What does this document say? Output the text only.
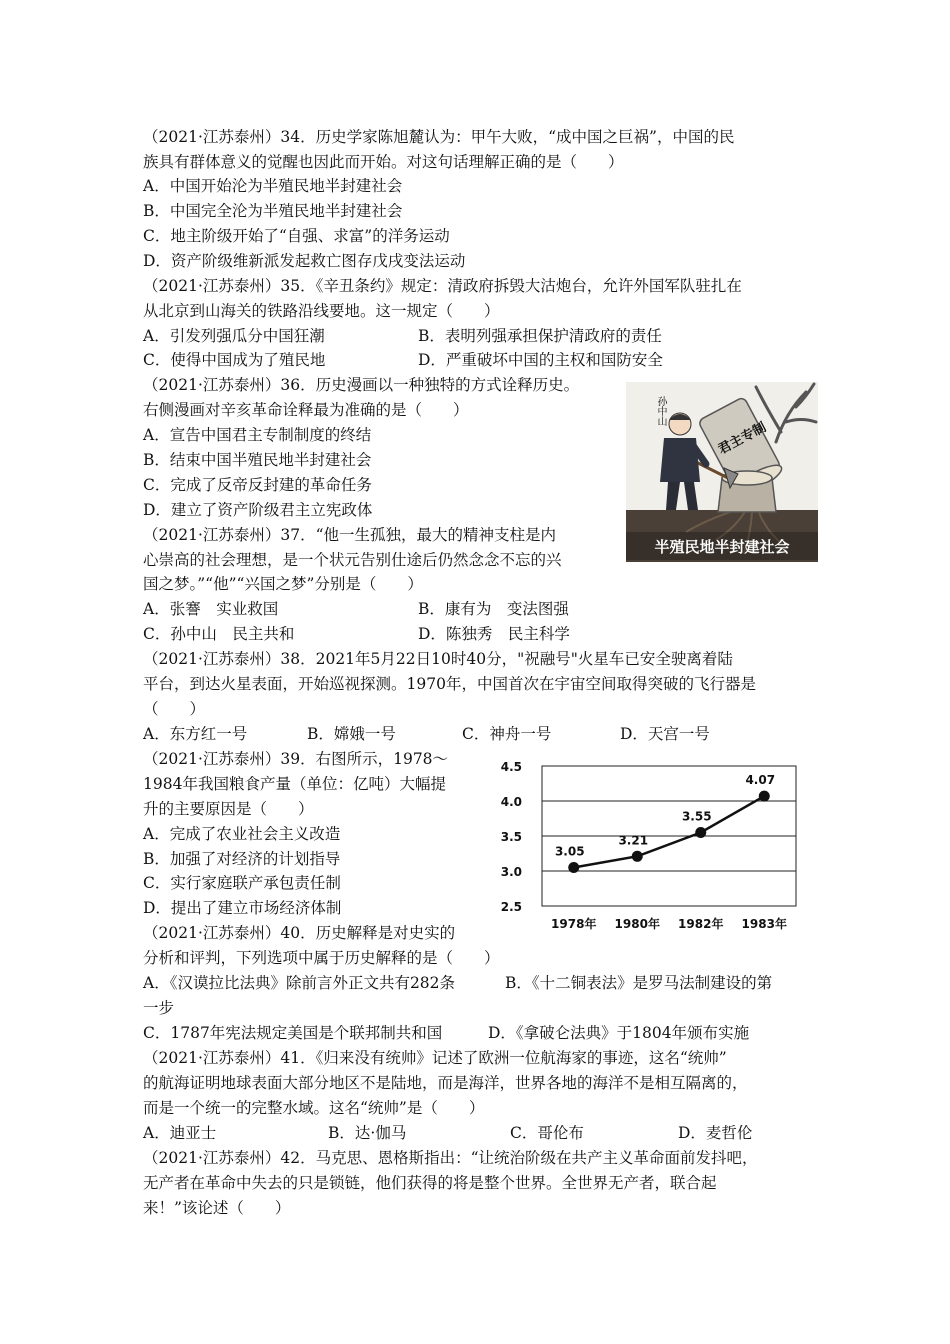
（2021·江苏泰州）34．历史学家陈旭麓认为：甲午大败，“成中国之巨祸”，中国的民
族具有群体意义的觉醒也因此而开始。对这句话理解正确的是（　　）
A．中国开始沦为半殖民地半封建社会
B．中国完全沦为半殖民地半封建社会
C．地主阶级开始了“自强、求富”的洋务运动
D．资产阶级维新派发起救亡图存戊戌变法运动
（2021·江苏泰州）35．《辛丑条约》规定：清政府拆毁大沽炮台，允许外国军队驻扎在
从北京到山海关的铁路沿线要地。这一规定（　　）
A．引发列强瓜分中国狂潮	B．表明列强承担保护清政府的责任
C．使得中国成为了殖民地	D．严重破坏中国的主权和国防安全
（2021·江苏泰州）36．历史漫画以一种独特的方式诠释历史。
右侧漫画对辛亥革命诠释最为准确的是（　　）
A．宣告中国君主专制制度的终结
B．结束中国半殖民地半封建社会
C．完成了反帝反封建的革命任务
D．建立了资产阶级君主立宪政体
君主专制
孙中山
半殖民地半封建社会
（2021·江苏泰州）37．“他一生孤独，最大的精神支柱是内
心崇高的社会理想，是一个状元告别仕途后仍然念念不忘的兴
国之梦。”“他”“兴国之梦”分别是（　　）
A．张謇　实业救国	B．康有为　变法图强
C．孙中山　民主共和	D．陈独秀　民主科学
（2021·江苏泰州）38．2021年5月22日10时40分，"祝融号"火星车已安全驶离着陆
平台，到达火星表面，开始巡视探测。1970年，中国首次在宇宙空间取得突破的飞行器是
（　　）
A．东方红一号	B．嫦娥一号	C．神舟一号	D．天宫一号
（2021·江苏泰州）39．右图所示，1978～
1984年我国粮食产量（单位：亿吨）大幅提
升的主要原因是（　　）
A．完成了农业社会主义改造
B．加强了对经济的计划指导
C．实行家庭联产承包责任制
D．提出了建立市场经济体制
4.5
4.0
3.5
3.0
2.5
3.05
3.21
3.55
4.07
1978年 1980年 1982年 1983年
（2021·江苏泰州）40．历史解释是对史实的
分析和评判，下列选项中属于历史解释的是（　　）
A．《汉谟拉比法典》除前言外正文共有282条	B．《十二铜表法》是罗马法制建设的第
一步
C．1787年宪法规定美国是个联邦制共和国	D．《拿破仑法典》于1804年颁布实施
（2021·江苏泰州）41．《归来没有统帅》记述了欧洲一位航海家的事迹，这名“统帅”
的航海证明地球表面大部分地区不是陆地，而是海洋，世界各地的海洋不是相互隔离的，
而是一个统一的完整水域。这名“统帅”是（　　）
A．迪亚士	B．达·伽马	C．哥伦布	D．麦哲伦
（2021·江苏泰州）42．马克思、恩格斯指出：“让统治阶级在共产主义革命面前发抖吧，
无产者在革命中失去的只是锁链，他们获得的将是整个世界。全世界无产者，联合起
来！”该论述（　　）
